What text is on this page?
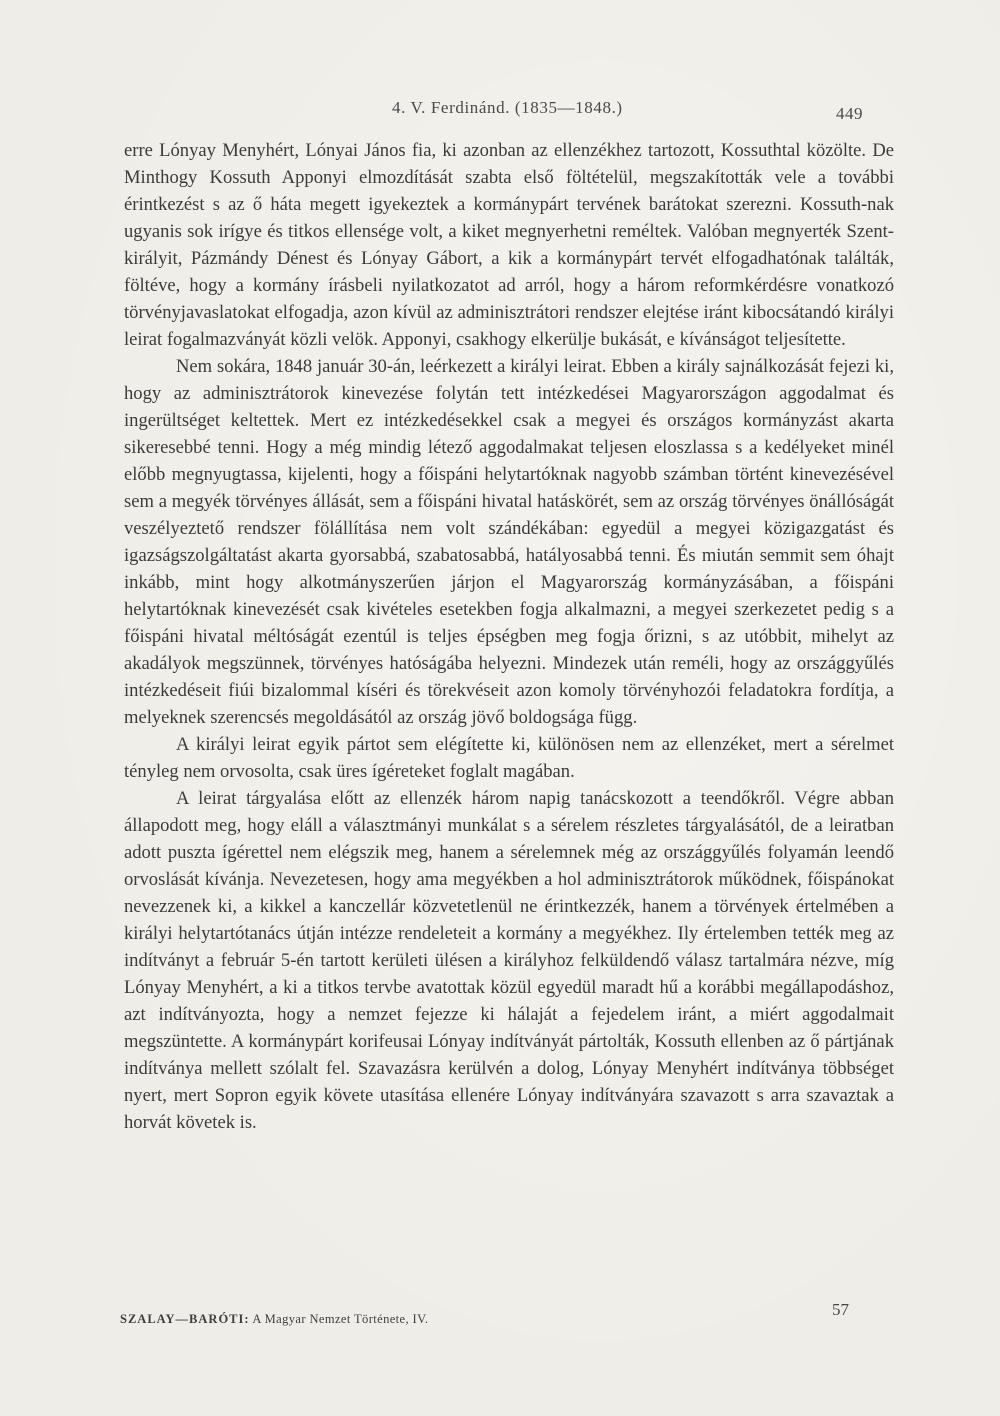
4. V. Ferdinánd. (1835—1848.)	449

erre Lónyay Menyhért, Lónyai János fia, ki azonban az ellenzékhez tartozott, Kossuthtal közölte. De Minthogy Kossuth Apponyi elmozdítását szabta első föltételül, megszakították vele a további érintkezést s az ő háta megett igyekeztek a kormánypárt tervének barátokat szerezni. Kossuth-nak ugyanis sok irígye és titkos ellensége volt, a kiket megnyerhetni reméltek. Valóban megnyerték Szent-királyit, Pázmándy Dénest és Lónyay Gábort, a kik a kormánypárt tervét elfogadhatónak találták, föltéve, hogy a kormány írásbeli nyilatkozatot ad arról, hogy a három reformkérdésre vonatkozó törvényjavaslatokat elfogadja, azon kívül az adminisztrátori rendszer elejtése iránt kibocsátandó királyi leirat fogalmazványát közli velök. Apponyi, csakhogy elkerülje bukását, e kívánságot teljesítette.

Nem sokára, 1848 január 30-án, leérkezett a királyi leirat. Ebben a király sajnálkozását fejezi ki, hogy az adminisztrátorok kinevezése folytán tett intézkedései Magyarországon aggodalmat és ingerültséget keltettek. Mert ez intézkedésekkel csak a megyei és országos kormányzást akarta sikeresebbé tenni. Hogy a még mindig létező aggodalmakat teljesen eloszlassa s a kedélyeket minél előbb megnyugtassa, kijelenti, hogy a főispáni helytartóknak nagyobb számban történt kinevezésével sem a megyék törvényes állását, sem a főispáni hivatal hatáskörét, sem az ország törvényes önállóságát veszélyeztető rendszer fölállítása nem volt szándékában: egyedül a megyei közigazgatást és igazságszolgáltatást akarta gyorsabbá, szabatosabbá, hatályosabbá tenni. És miután semmit sem óhajt inkább, mint hogy alkotmányszerűen járjon el Magyarország kormányzásában, a főispáni helytartóknak kinevezését csak kivételes esetekben fogja alkalmazni, a megyei szerkezetet pedig s a főispáni hivatal méltóságát ezentúl is teljes épségben meg fogja őrizni, s az utóbbit, mihelyt az akadályok megszünnek, törvényes hatóságába helyezni. Mindezek után reméli, hogy az országgyűlés intézkedéseit fiúi bizalommal kíséri és törekvéseit azon komoly törvényhozói feladatokra fordítja, a melyeknek szerencsés megoldásától az ország jövő boldogsága függ.

A királyi leirat egyik pártot sem elégítette ki, különösen nem az ellenzéket, mert a sérelmet tényleg nem orvosolta, csak üres ígéreteket foglalt magában.

A leirat tárgyalása előtt az ellenzék három napig tanácskozott a teendőkről. Végre abban állapodott meg, hogy eláll a választmányi munkálat s a sérelem részletes tárgyalásától, de a leiratban adott puszta ígérettel nem elégszik meg, hanem a sérelemnek még az országgyűlés folyamán leendő orvoslását kívánja. Nevezetesen, hogy ama megyékben a hol adminisztrátorok működnek, főispánokat nevezzenek ki, a kikkel a kanczellár közvetetlenül ne érintkezzék, hanem a törvények értelmében a királyi helytartótanács útján intézze rendeleteit a kormány a megyékhez. Ily értelemben tették meg az indítványt a február 5-én tartott kerületi ülésen a királyhoz felküldendő válasz tartalmára nézve, míg Lónyay Menyhért, a ki a titkos tervbe avatottak közül egyedül maradt hű a korábbi megállapodáshoz, azt indítványozta, hogy a nemzet fejezze ki hálaját a fejedelem iránt, a miért aggodalmait megszüntette. A kormánypárt korifeusai Lónyay indítványát pártolták, Kossuth ellenben az ő pártjának indítványa mellett szólalt fel. Szavazásra kerülvén a dolog, Lónyay Menyhért indítványa többséget nyert, mert Sopron egyik követe utasítása ellenére Lónyay indítványára szavazott s arra szavaztak a horvát követek is.

SZALAY—BARÓTI: A Magyar Nemzet Története, IV.	57
